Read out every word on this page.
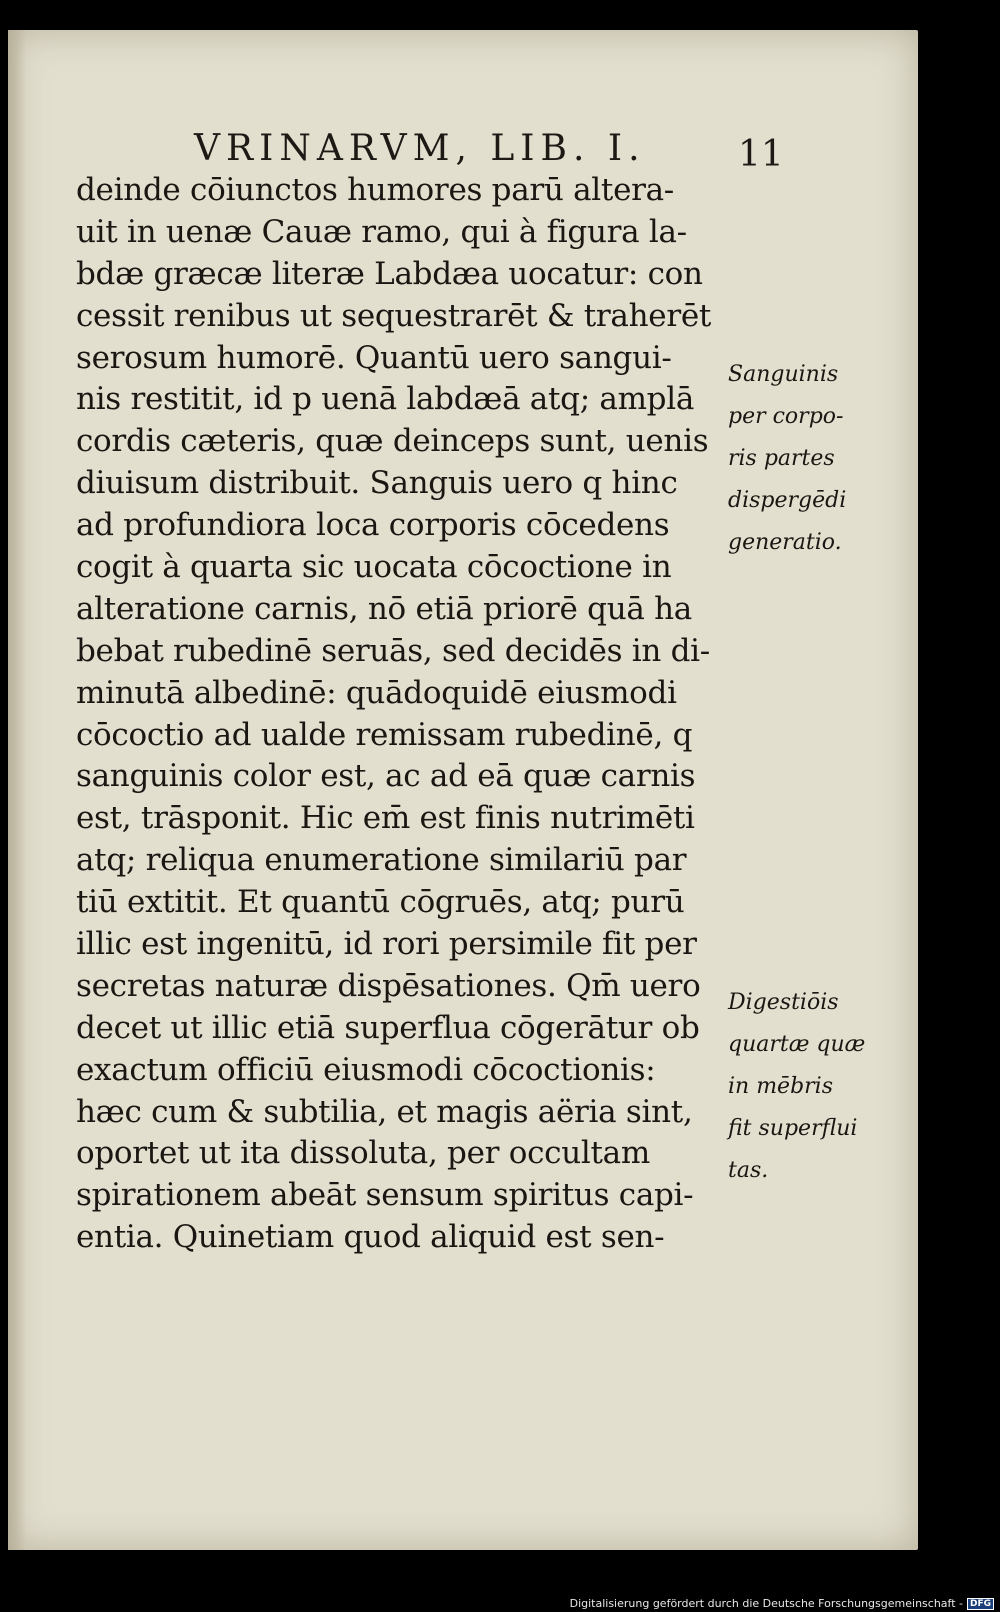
VRINARVM, LIB. I.	11
deinde cōiunctos humores parū altera-
uit in uenæ Cauæ ramo, qui à figura la-
bdæ græcæ literæ Labdæa uocatur: con
cessit renibus ut sequestrarēt & traherēt
serosum humorē. Quantū uero sangui-
nis restitit, id p uenā labdæā atq; amplā
cordis cæteris, quæ deinceps sunt, uenis
diuisum distribuit. Sanguis uero q hinc
ad profundiora loca corporis cōcedens
cogit à quarta sic uocata cōcoctione in
alteratione carnis, nō etiā priorē quā ha
bebat rubedinē seruās, sed decidēs in di-
minutā albedinē: quādoquidē eiusmodi
cōcoctio ad ualde remissam rubedinē, q
sanguinis color est, ac ad eā quæ carnis
est, trāsponit. Hic em̄ est finis nutrimēti
atq; reliqua enumeratione similariū par
tiū extitit. Et quantū cōgruēs, atq; purū
illic est ingenitū, id rori persimile fit per
secretas naturæ dispēsationes. Qm̄ uero
decet ut illic etiā superflua cōgerātur ob
exactum officiū eiusmodi cōcoctionis:
hæc cum & subtilia, et magis aëria sint,
oportet ut ita dissoluta, per occultam
spirationem abeāt sensum spiritus capi-
entia. Quinetiam quod aliquid est sen-
Sanguinis
per corpo-
ris partes
dispergēdi
generatio.
Digestiōis
quartæ quæ
in mēbris
fit superflui
tas.
Digitalisierung gefördert durch die Deutsche Forschungsgemeinschaft - DFG
